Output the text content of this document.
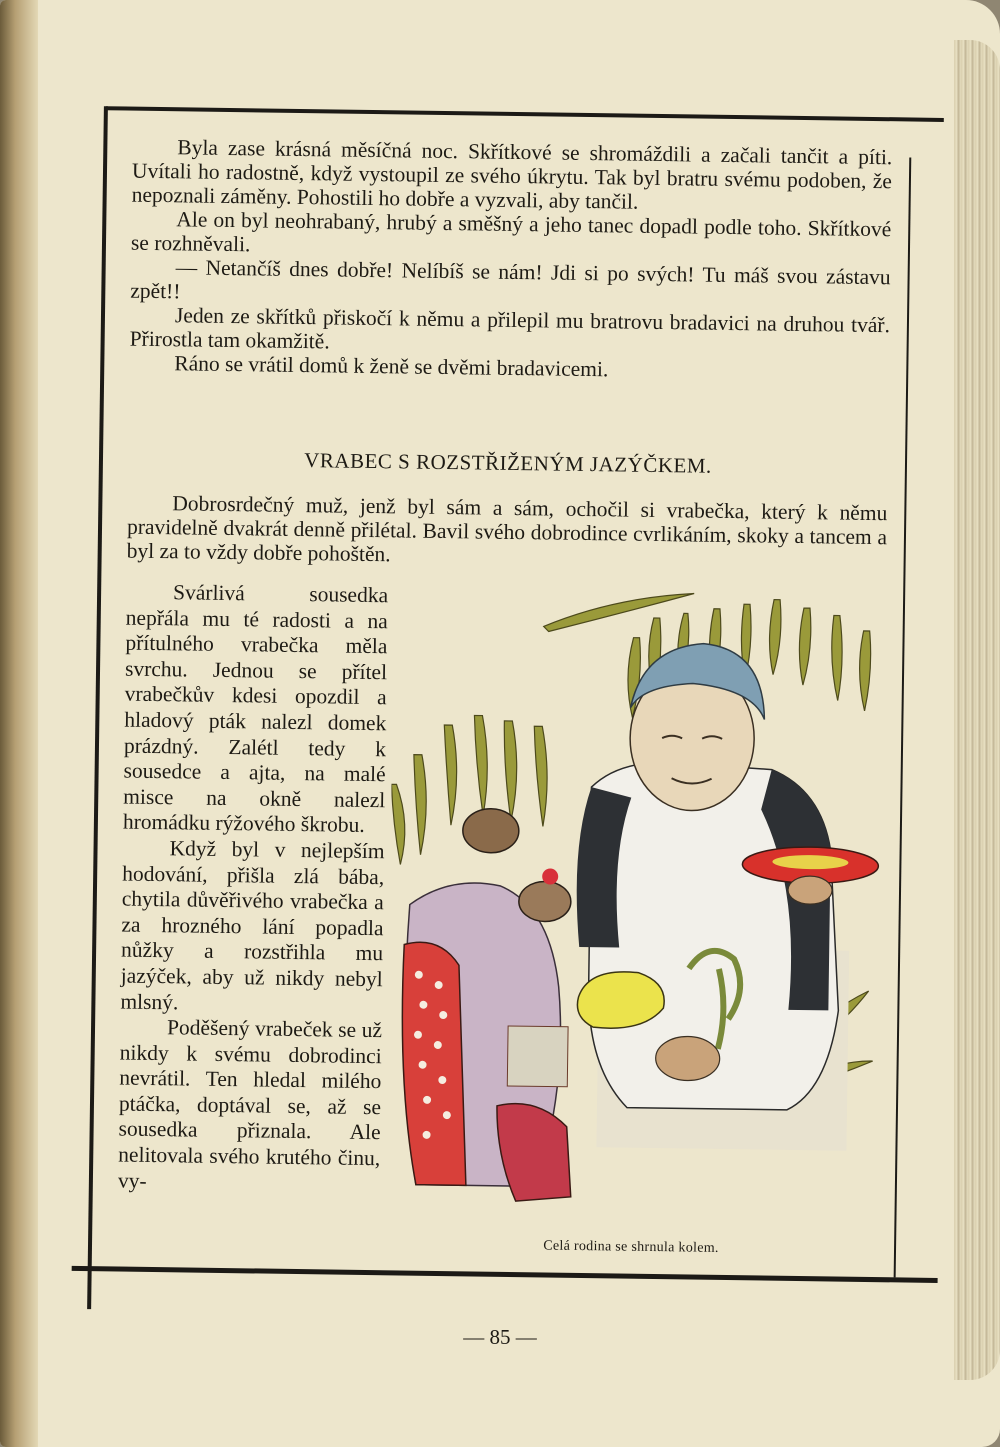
Byla zase krásná měsíčná noc. Skřítkové se shromáždili a začali tančit a píti. Uvítali ho radostně, když vystoupil ze svého úkrytu. Tak byl bratru svému podoben, že nepoznali záměny. Pohostili ho dobře a vyzvali, aby tančil.

Ale on byl neohrabaný, hrubý a směšný a jeho tanec dopadl podle toho. Skřítkové se rozhněvali.

— Netančíš dnes dobře! Nelíbíš se nám! Jdi si po svých! Tu máš svou zástavu zpět!!

Jeden ze skřítků přiskočí k němu a přilepil mu bratrovu bradavici na druhou tvář. Přirostla tam okamžitě.

Ráno se vrátil domů k ženě se dvěmi bradavicemi.

VRABEC S ROZSTŘIŽENÝM JAZÝČKEM.

Dobrosrdečný muž, jenž byl sám a sám, ochočil si vrabečka, který k němu pravidelně dvakrát denně přilétal. Bavil svého dobrodince cvrlikáním, skoky a tancem a byl za to vždy dobře pohoštěn.

Svárlivá sousedka nepřála mu té radosti a na přítulného vrabečka měla svrchu. Jednou se přítel vrabečkův kdesi opozdil a hladový pták nalezl domek prázdný. Zalétl tedy k sousedce a ajta, na malé misce na okně nalezl hromádku rýžového škrobu.

Když byl v nejlepším hodování, přišla zlá bába, chytila důvěřivého vrabečka a za hrozného lání popadla nůžky a rozstřihla mu jazýček, aby už nikdy nebyl mlsný.

Poděšený vrabeček se už nikdy k svému dobrodinci nevrátil. Ten hledal milého ptáčka, doptával se, až se sousedka přiznala. Ale nelitovala svého krutého činu, vy-

Celá rodina se shrnula kolem.
— 85 —
